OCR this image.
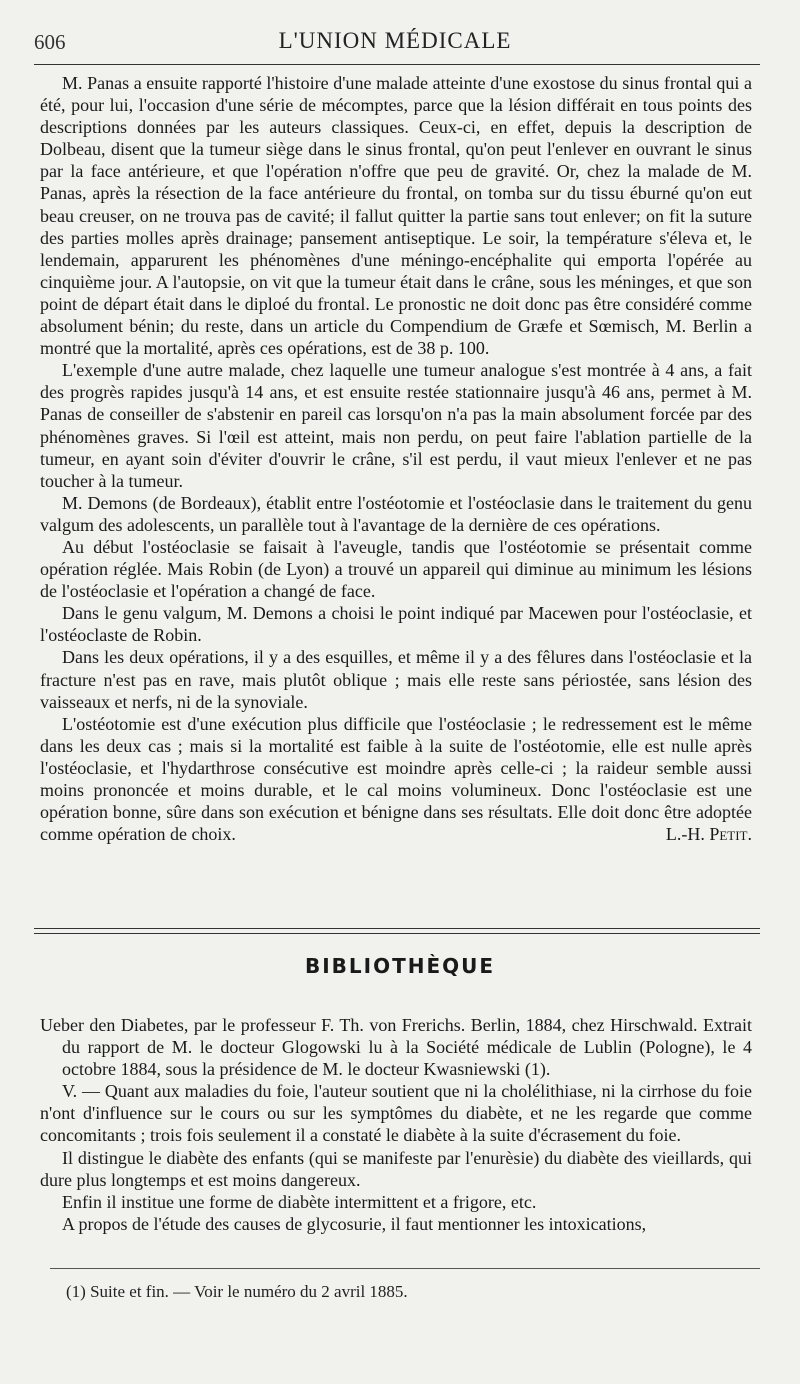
606	L'UNION MÉDICALE

M. Panas a ensuite rapporté l'histoire d'une malade atteinte d'une exostose du sinus frontal qui a été, pour lui, l'occasion d'une série de mécomptes, parce que la lésion différait en tous points des descriptions données par les auteurs classiques. Ceux-ci, en effet, depuis la description de Dolbeau, disent que la tumeur siège dans le sinus frontal, qu'on peut l'enlever en ouvrant le sinus par la face antérieure, et que l'opération n'offre que peu de gravité. Or, chez la malade de M. Panas, après la résection de la face antérieure du frontal, on tomba sur du tissu éburné qu'on eut beau creuser, on ne trouva pas de cavité; il fallut quitter la partie sans tout enlever; on fit la suture des parties molles après drainage; pansement antiseptique. Le soir, la température s'éleva et, le lendemain, apparurent les phénomènes d'une méningo-encéphalite qui emporta l'opérée au cinquième jour. A l'autopsie, on vit que la tumeur était dans le crâne, sous les méninges, et que son point de départ était dans le diploé du frontal. Le pronostic ne doit donc pas être considéré comme absolument bénin; du reste, dans un article du Compendium de Græfe et Sœmisch, M. Berlin a montré que la mortalité, après ces opérations, est de 38 p. 100.

L'exemple d'une autre malade, chez laquelle une tumeur analogue s'est montrée à 4 ans, a fait des progrès rapides jusqu'à 14 ans, et est ensuite restée stationnaire jusqu'à 46 ans, permet à M. Panas de conseiller de s'abstenir en pareil cas lorsqu'on n'a pas la main absolument forcée par des phénomènes graves. Si l'œil est atteint, mais non perdu, on peut faire l'ablation partielle de la tumeur, en ayant soin d'éviter d'ouvrir le crâne, s'il est perdu, il vaut mieux l'enlever et ne pas toucher à la tumeur.

M. Demons (de Bordeaux), établit entre l'ostéotomie et l'ostéoclasie dans le traitement du genu valgum des adolescents, un parallèle tout à l'avantage de la dernière de ces opérations.

Au début l'ostéoclasie se faisait à l'aveugle, tandis que l'ostéotomie se présentait comme opération réglée. Mais Robin (de Lyon) a trouvé un appareil qui diminue au minimum les lésions de l'ostéoclasie et l'opération a changé de face.

Dans le genu valgum, M. Demons a choisi le point indiqué par Macewen pour l'ostéoclasie, et l'ostéoclaste de Robin.

Dans les deux opérations, il y a des esquilles, et même il y a des fêlures dans l'ostéoclasie et la fracture n'est pas en rave, mais plutôt oblique ; mais elle reste sans périostée, sans lésion des vaisseaux et nerfs, ni de la synoviale.

L'ostéotomie est d'une exécution plus difficile que l'ostéoclasie ; le redressement est le même dans les deux cas ; mais si la mortalité est faible à la suite de l'ostéotomie, elle est nulle après l'ostéoclasie, et l'hydarthrose consécutive est moindre après celle-ci ; la raideur semble aussi moins prononcée et moins durable, et le cal moins volumineux. Donc l'ostéoclasie est une opération bonne, sûre dans son exécution et bénigne dans ses résultats. Elle doit donc être adoptée comme opération de choix.	L.-H. Petit.

BIBLIOTHÈQUE

Ueber den Diabetes, par le professeur F. Th. von Frerichs. Berlin, 1884, chez Hirschwald. Extrait du rapport de M. le docteur Glogowski lu à la Société médicale de Lublin (Pologne), le 4 octobre 1884, sous la présidence de M. le docteur Kwasniewski (1).

V. — Quant aux maladies du foie, l'auteur soutient que ni la cholélithiase, ni la cirrhose du foie n'ont d'influence sur le cours ou sur les symptômes du diabète, et ne les regarde que comme concomitants ; trois fois seulement il a constaté le diabète à la suite d'écrasement du foie.

Il distingue le diabète des enfants (qui se manifeste par l'enurèsie) du diabète des vieillards, qui dure plus longtemps et est moins dangereux.

Enfin il institue une forme de diabète intermittent et a frigore, etc.

A propos de l'étude des causes de glycosurie, il faut mentionner les intoxications,

(1) Suite et fin. — Voir le numéro du 2 avril 1885.
